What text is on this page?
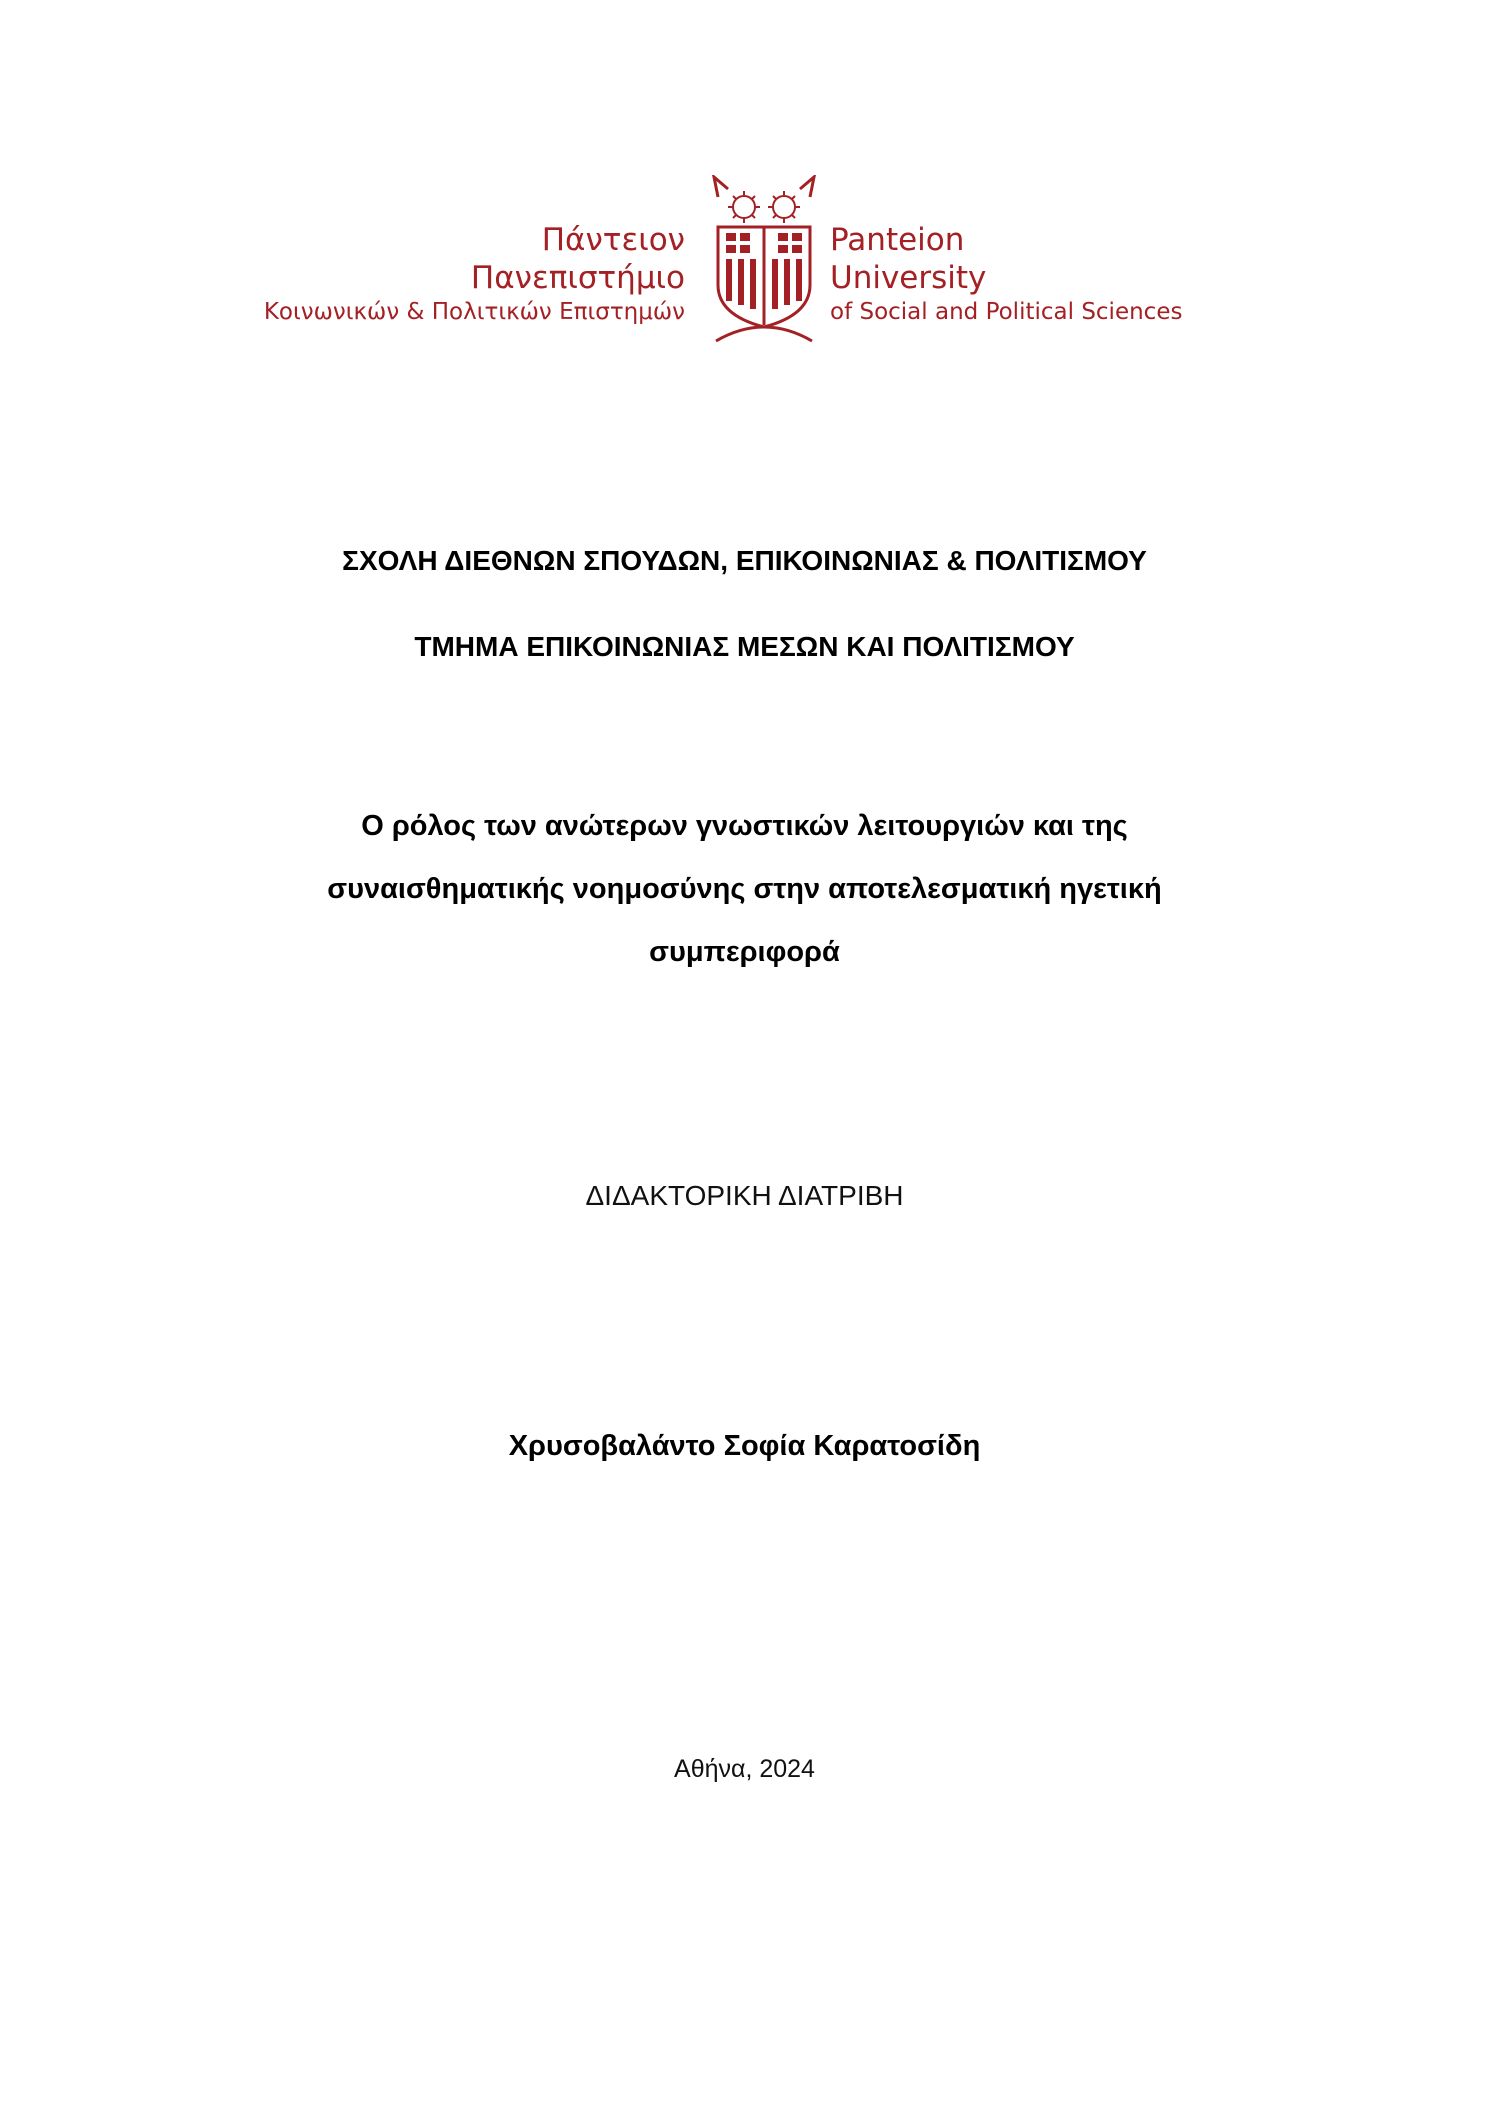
Πάντειον
Πανεπιστήμιο
Κοινωνικών & Πολιτικών Επιστημών
Panteion
University
of Social and Political Sciences
ΣΧΟΛΗ ΔΙΕΘΝΩΝ ΣΠΟΥΔΩΝ, ΕΠΙΚΟΙΝΩΝΙΑΣ & ΠΟΛΙΤΙΣΜΟΥ
ΤΜΗΜΑ ΕΠΙΚΟΙΝΩΝΙΑΣ ΜΕΣΩΝ ΚΑΙ ΠΟΛΙΤΙΣΜΟΥ
Ο ρόλος των ανώτερων γνωστικών λειτουργιών και της
συναισθηματικής νοημοσύνης στην αποτελεσματική ηγετική
συμπεριφορά
ΔΙΔΑΚΤΟΡΙΚΗ ΔΙΑΤΡΙΒΗ
Χρυσοβαλάντο Σοφία Καρατοσίδη
Αθήνα, 2024
